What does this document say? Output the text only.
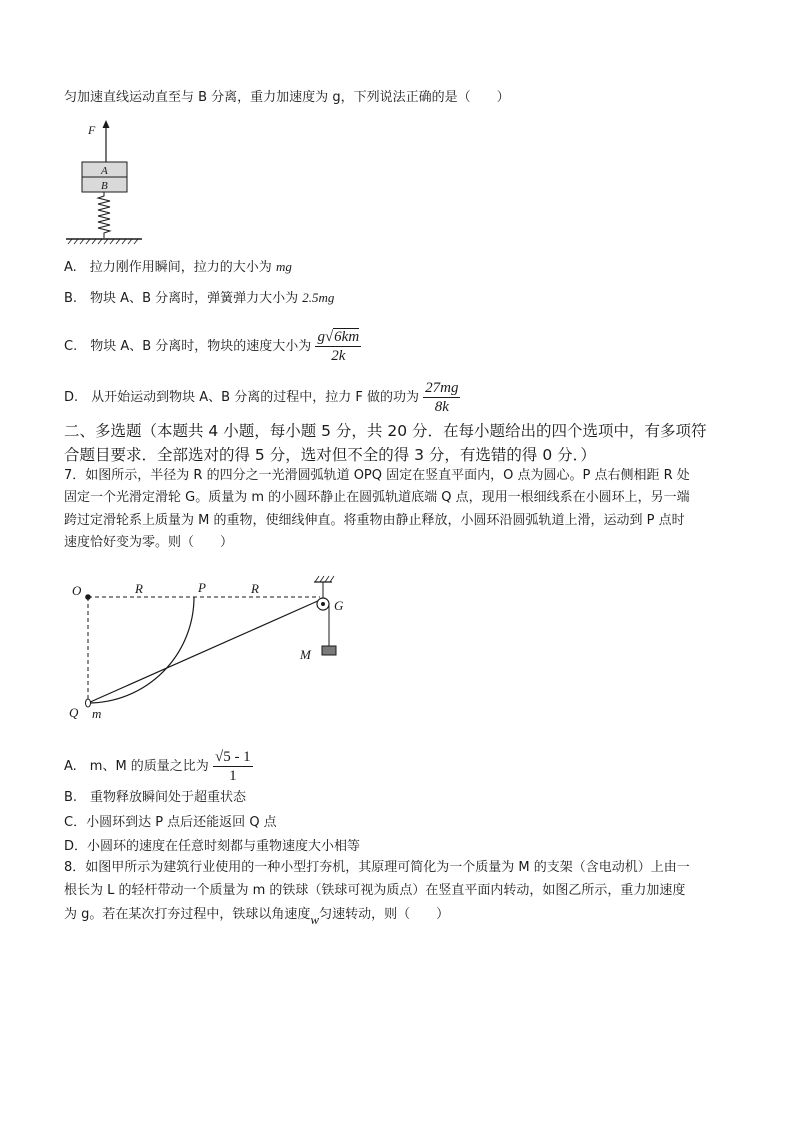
匀加速直线运动直至与 B 分离，重力加速度为 g，下列说法正确的是（　　）
F
A
B
A.　拉力刚作用瞬间，拉力的大小为 mg
B.　物块 A、B 分离时，弹簧弹力大小为 2.5mg
C.　物块 A、B 分离时，物块的速度大小为 $\frac{g√6km}{2k}$
D.　从开始运动到物块 A、B 分离的过程中，拉力 F 做的功为 $\frac{27mg}{8k}$
二、多选题（本题共 4 小题，每小题 5 分，共 20 分．在每小题给出的四个选项中，有多项符
合题目要求．全部选对的得 5 分，选对但不全的得 3 分，有选错的得 0 分．）
7．如图所示，半径为 R 的四分之一光滑圆弧轨道 OPQ 固定在竖直平面内，O 点为圆心。P 点右侧相距 R 处
固定一个光滑定滑轮 G。质量为 m 的小圆环静止在圆弧轨道底端 Q 点，现用一根细线系在小圆环上，另一端
跨过定滑轮系上质量为 M 的重物，使细线伸直。将重物由静止释放，小圆环沿圆弧轨道上滑，运动到 P 点时
速度恰好变为零。则（　　）
O	R	P	R
G
M
Q m
A.　m、M 的质量之比为 $\frac{√5 - 1}{1}$
B.　重物释放瞬间处于超重状态
C．小圆环到达 P 点后还能返回 Q 点
D．小圆环的速度在任意时刻都与重物速度大小相等
8．如图甲所示为建筑行业使用的一种小型打夯机，其原理可简化为一个质量为 M 的支架（含电动机）上由一
根长为 L 的轻杆带动一个质量为 m 的铁球（铁球可视为质点）在竖直平面内转动，如图乙所示，重力加速度
为 g。若在某次打夯过程中，铁球以角速度w匀速转动，则（　　）
